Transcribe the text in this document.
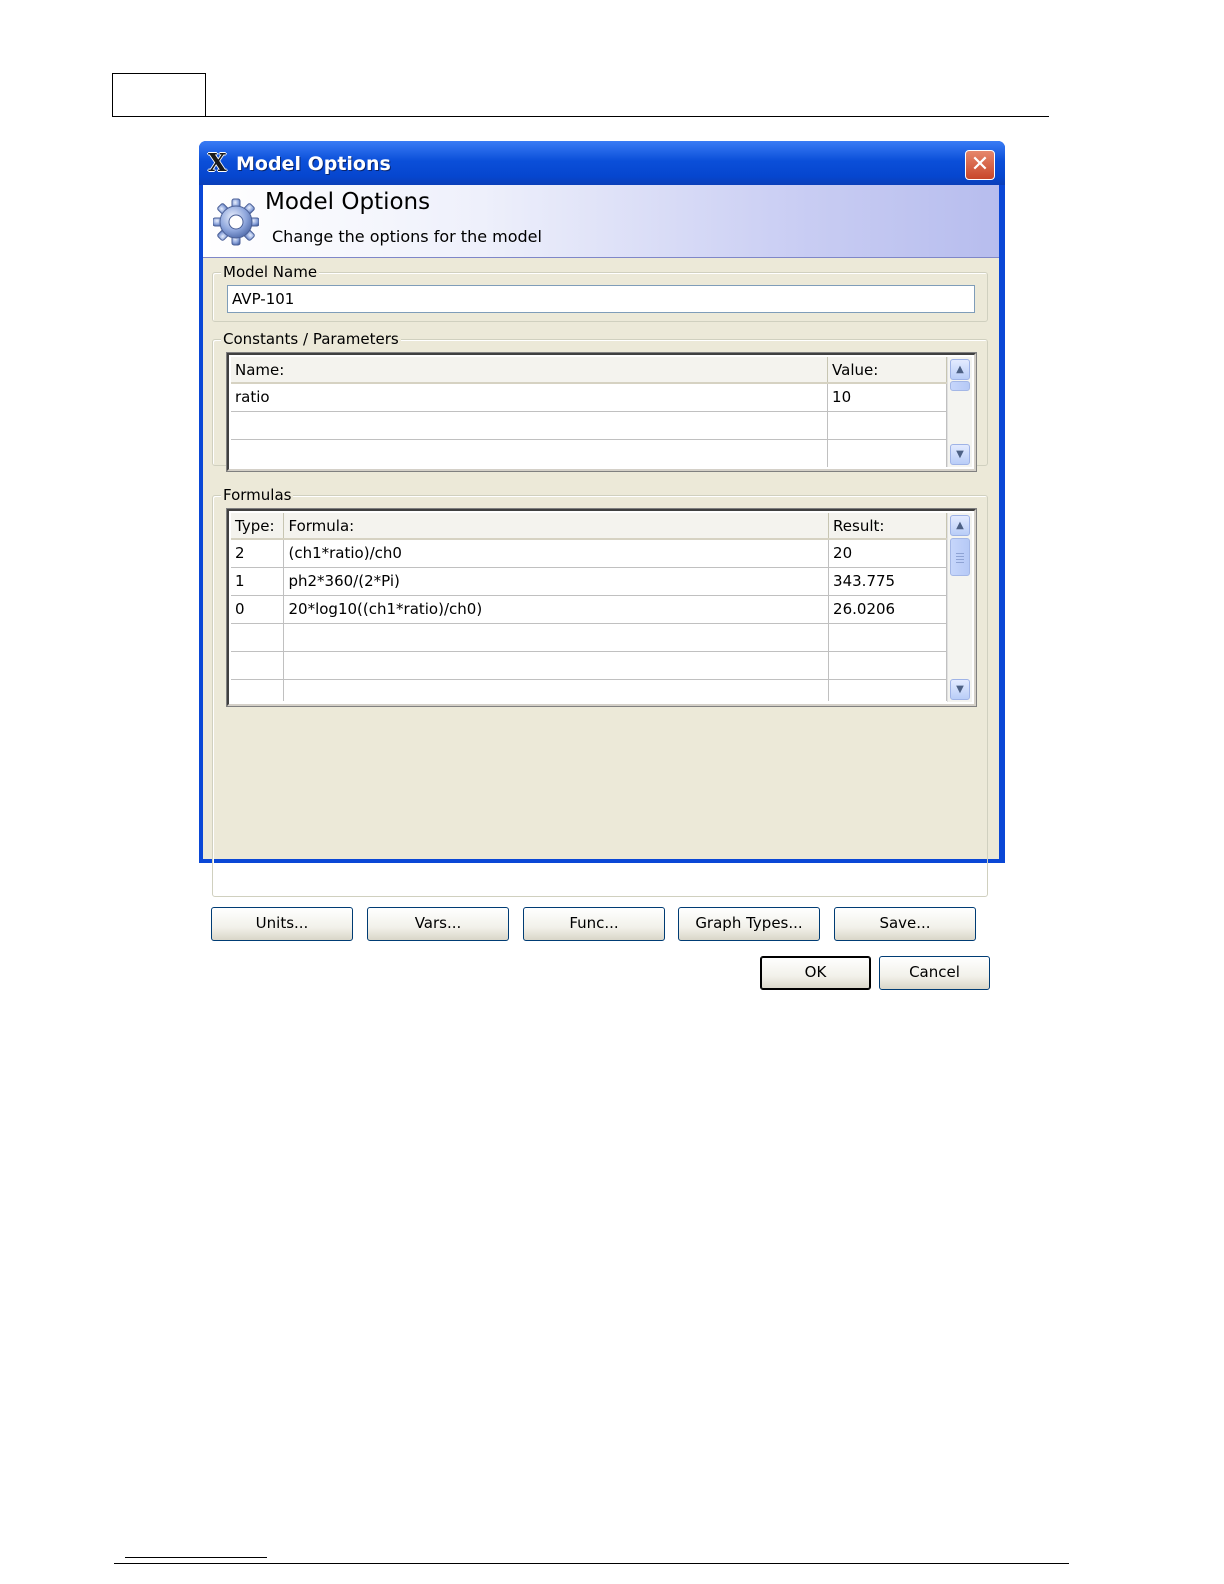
X Model Options	✕
Model Options
Change the options for the model
Model Name
AVP-101
Constants / Parameters
Name:	Value:
ratio	10

▲
▼
Formulas
Type:	Formula:	Result:
2	(ch1*ratio)/ch0	20
1	ph2*360/(2*Pi)	343.775
0	20*log10((ch1*ratio)/ch0)	26.0206

▲
▼
Units...	Vars...	Func...	Graph Types...	Save...
OK	Cancel
